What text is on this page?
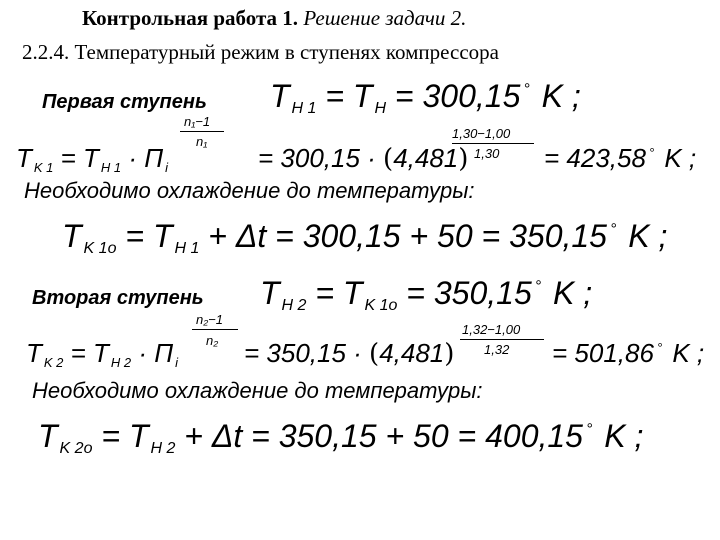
Контрольная работа 1. Решение задачи 2.
2.2.4. Температурный режим в ступенях компрессора
Первая ступень T $_{H 1}$ = T $_H$ = 300,15 ° K ;
n₁−1
n₁
T $_{K 1}$ = T $_{H 1}$ · Π $_i$	= 300,15 · (4,481)
1,30−1,00
1,30 = 423,58 ° K ;
Необходимо охлаждение до температуры:
T $_{K 1o}$ = T $_{H 1}$ + Δt = 300,15 + 50 = 350,15 ° K ;
Вторая ступень T $_{H 2}$ = T $_{K 1o}$ = 350,15 ° K ;
n₂−1
n₂
T $_{K 2}$ = T $_{H 2}$ · Π $_i$	= 350,15 · (4,481)
1,32−1,00
1,32 = 501,86 ° K ;
Необходимо охлаждение до температуры:
T $_{K 2o}$ = T $_{H 2}$ + Δt = 350,15 + 50 = 400,15 ° K ;
